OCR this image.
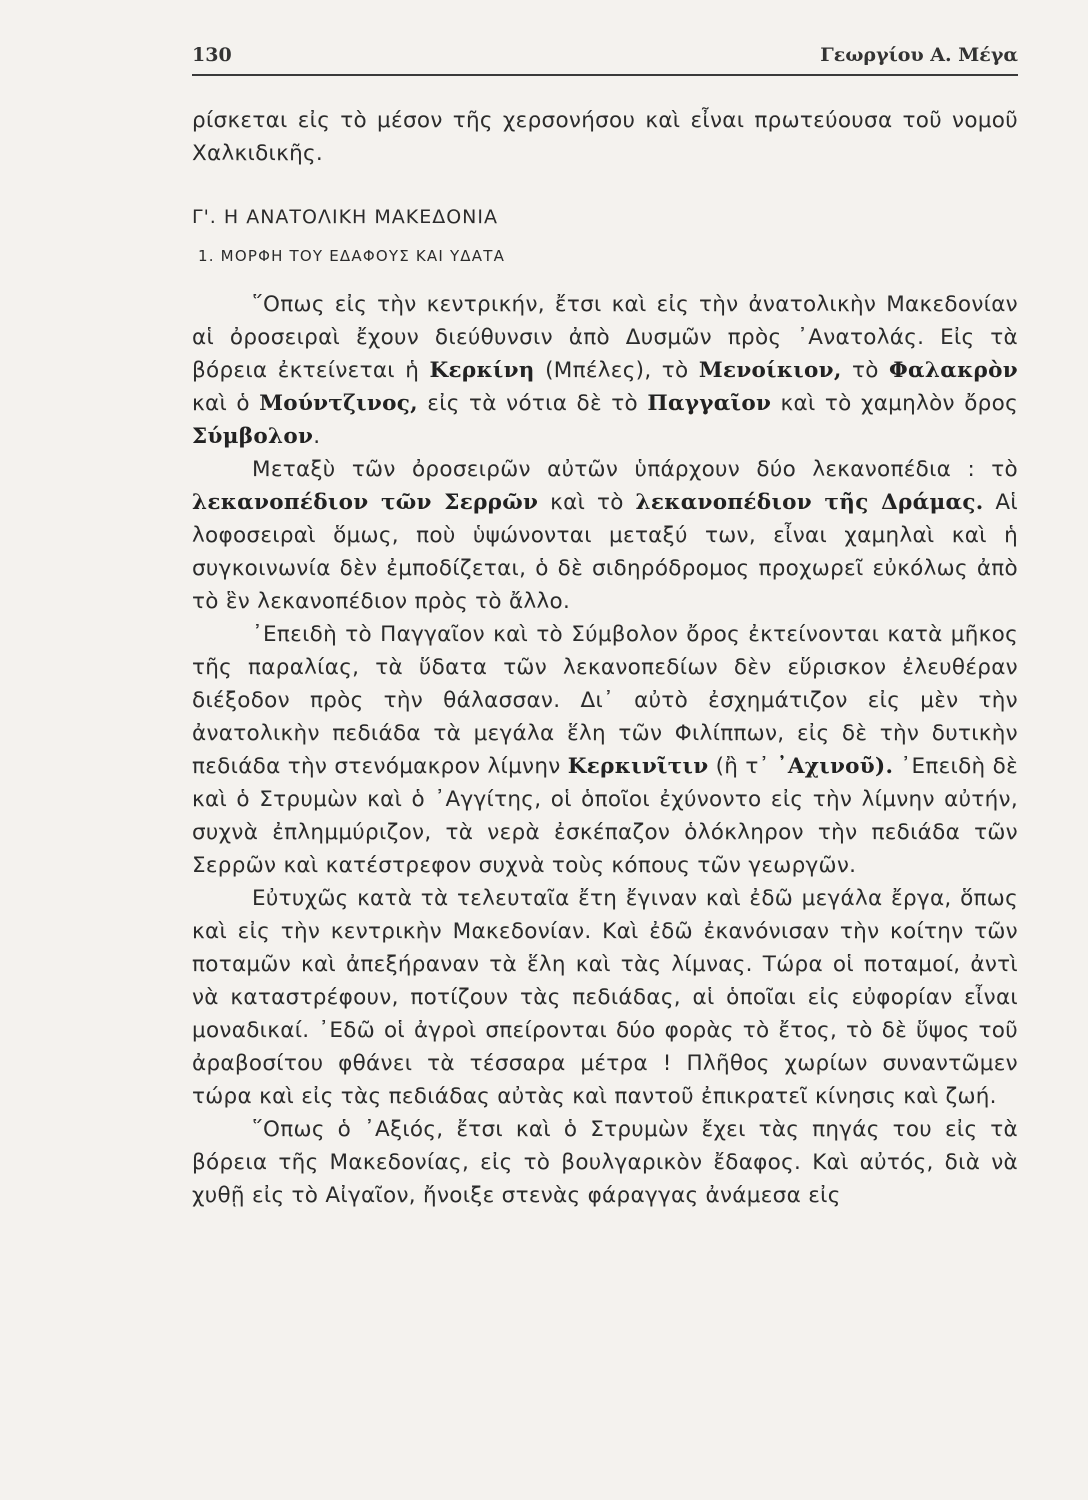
130	Γεωργίου Α. Μέγα

ρίσκεται εἰς τὸ μέσον τῆς χερσονήσου καὶ εἶναι πρωτεύουσα τοῦ νομοῦ Χαλκιδικῆς.

Γ'. Η ΑΝΑΤΟΛΙΚΗ ΜΑΚΕΔΟΝΙΑ

1. ΜΟΡΦΗ ΤΟΥ ΕΔΑΦΟΥΣ ΚΑΙ ΥΔΑΤΑ

῞Οπως εἰς τὴν κεντρικήν, ἔτσι καὶ εἰς τὴν ἀνατολικὴν Μακεδονίαν αἱ ὀροσειραὶ ἔχουν διεύθυνσιν ἀπὸ Δυσμῶν πρὸς ᾿Ανατολάς. Εἰς τὰ βόρεια ἐκτείνεται ἡ Κερκίνη (Μπέλες), τὸ Μενοίκιον, τὸ Φαλακρὸν καὶ ὁ Μούντζινος, εἰς τὰ νότια δὲ τὸ Παγγαῖον καὶ τὸ χαμηλὸν ὄρος Σύμβολον.

Μεταξὺ τῶν ὀροσειρῶν αὐτῶν ὑπάρχουν δύο λεκανοπέδια : τὸ λεκανοπέδιον τῶν Σερρῶν καὶ τὸ λεκανοπέδιον τῆς Δράμας. Αἱ λοφοσειραὶ ὅμως, ποὺ ὑψώνονται μεταξύ των, εἶναι χαμηλαὶ καὶ ἡ συγκοινωνία δὲν ἐμποδίζεται, ὁ δὲ σιδηρόδρομος προχωρεῖ εὐκόλως ἀπὸ τὸ ἓν λεκανοπέδιον πρὸς τὸ ἄλλο.

᾿Επειδὴ τὸ Παγγαῖον καὶ τὸ Σύμβολον ὄρος ἐκτείνονται κατὰ μῆκος τῆς παραλίας, τὰ ὕδατα τῶν λεκανοπεδίων δὲν εὕρισκον ἐλευθέραν διέξοδον πρὸς τὴν θάλασσαν. Δι᾿ αὐτὸ ἐσχημάτιζον εἰς μὲν τὴν ἀνατολικὴν πεδιάδα τὰ μεγάλα ἕλη τῶν Φιλίππων, εἰς δὲ τὴν δυτικὴν πεδιάδα τὴν στενόμακρον λίμνην Κερκινῖτιν (ἢ τ᾿ ᾿Αχινοῦ). ᾿Επειδὴ δὲ καὶ ὁ Στρυμὼν καὶ ὁ ᾿Αγγίτης, οἱ ὁποῖοι ἐχύνοντο εἰς τὴν λίμνην αὐτήν, συχνὰ ἐπλημμύριζον, τὰ νερὰ ἐσκέπαζον ὁλόκληρον τὴν πεδιάδα τῶν Σερρῶν καὶ κατέστρεφον συχνὰ τοὺς κόπους τῶν γεωργῶν.

Εὐτυχῶς κατὰ τὰ τελευταῖα ἔτη ἔγιναν καὶ ἐδῶ μεγάλα ἔργα, ὅπως καὶ εἰς τὴν κεντρικὴν Μακεδονίαν. Καὶ ἐδῶ ἐκανόνισαν τὴν κοίτην τῶν ποταμῶν καὶ ἀπεξήραναν τὰ ἕλη καὶ τὰς λίμνας. Τώρα οἱ ποταμοί, ἀντὶ νὰ καταστρέφουν, ποτίζουν τὰς πεδιάδας, αἱ ὁποῖαι εἰς εὐφορίαν εἶναι μοναδικαί. ᾿Εδῶ οἱ ἀγροὶ σπείρονται δύο φορὰς τὸ ἔτος, τὸ δὲ ὕψος τοῦ ἀραβοσίτου φθάνει τὰ τέσσαρα μέτρα ! Πλῆθος χωρίων συναντῶμεν τώρα καὶ εἰς τὰς πεδιάδας αὐτὰς καὶ παντοῦ ἐπικρατεῖ κίνησις καὶ ζωή.

῞Οπως ὁ ᾿Αξιός, ἔτσι καὶ ὁ Στρυμὼν ἔχει τὰς πηγάς του εἰς τὰ βόρεια τῆς Μακεδονίας, εἰς τὸ βουλγαρικὸν ἔδαφος. Καὶ αὐτός, διὰ νὰ χυθῇ εἰς τὸ Αἰγαῖον, ἤνοιξε στενὰς φάραγγας ἀνάμεσα εἰς
